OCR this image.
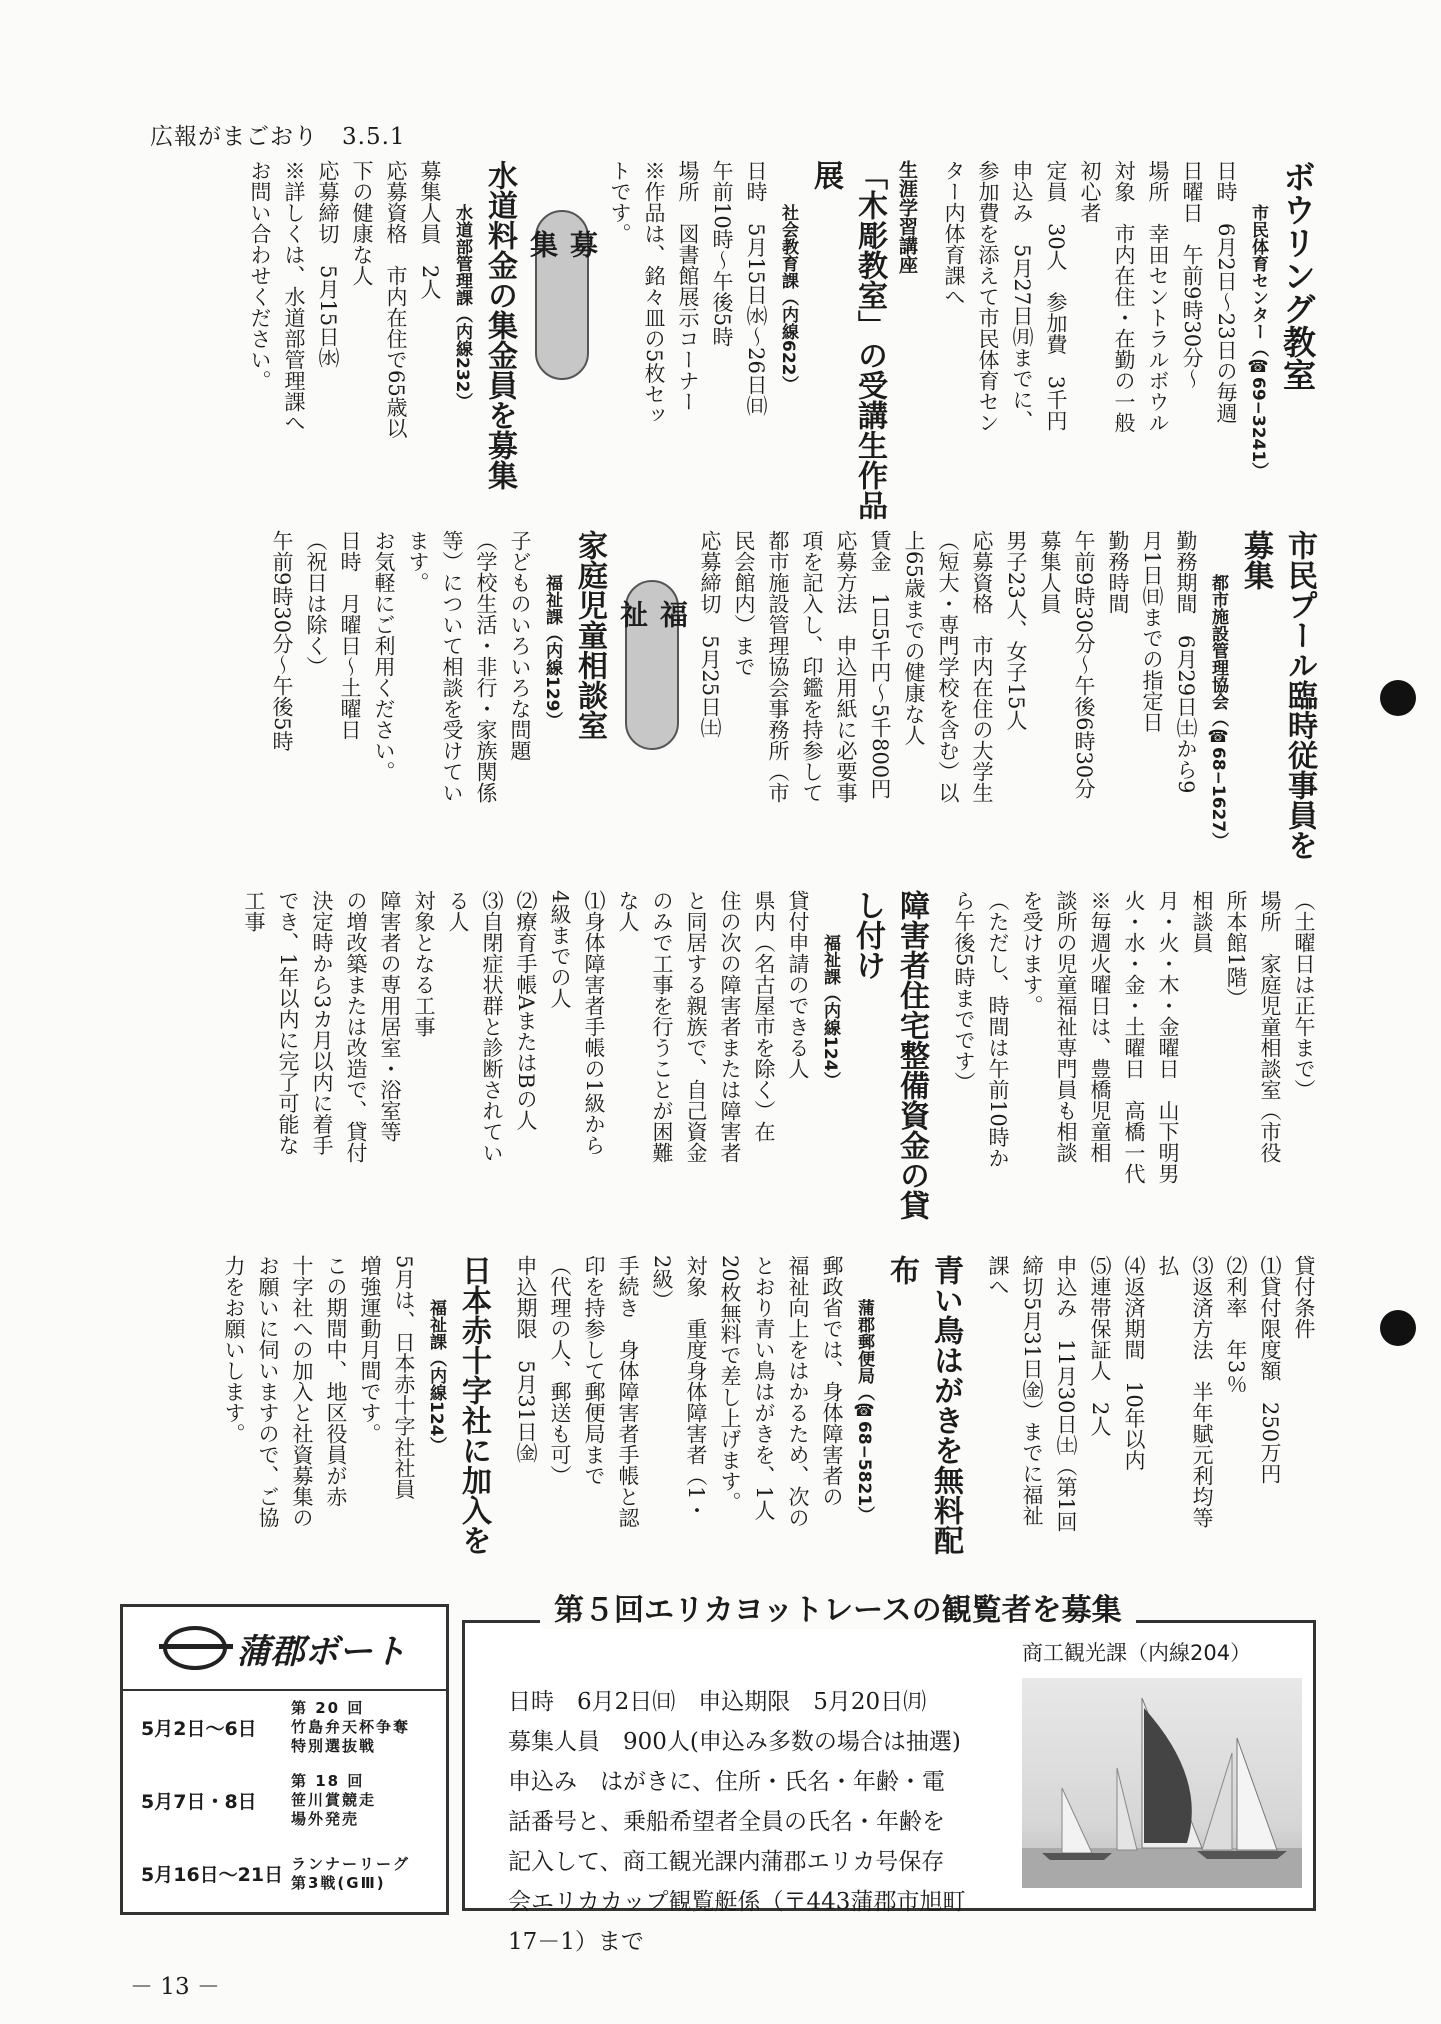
広報がまごおり　3.5.1
ボウリング教室
市民体育センター（☎69−3241）
日時　6月2日〜23日の毎週
日曜日　午前9時30分〜
場所　幸田セントラルボウル
対象　市内在住・在勤の一般
初心者
定員　30人　参加費　3千円
申込み　5月27日㈪までに、
参加費を添えて市民体育セン
ター内体育課へ
生涯学習講座
「木彫教室」の受講生作品展
社会教育課（内線622）
日時　5月15日㈬〜26日㈰
午前10時〜午後5時
場所　図書館展示コーナー
※作品は、銘々皿の5枚セッ
トです。
募　集
水道料金の集金員を募集
水道部管理課（内線232）
募集人員　2人
応募資格　市内在住で65歳以
下の健康な人
応募締切　5月15日㈬
※詳しくは、水道部管理課へ
お問い合わせください。
市民プール臨時従事員を募集
都市施設管理協会（☎68−1627）
勤務期間　6月29日㈯から9
月1日㈰までの指定日
勤務時間
午前9時30分〜午後6時30分
募集人員
男子23人、女子15人
応募資格　市内在住の大学生
（短大・専門学校を含む）以
上65歳までの健康な人
賃金　1日5千円〜5千800円
応募方法　申込用紙に必要事
項を記入し、印鑑を持参して
都市施設管理協会事務所（市
民会館内）まで
応募締切　5月25日㈯
福　祉
家庭児童相談室
福祉課（内線129）
子どものいろいろな問題
（学校生活・非行・家族関係
等）について相談を受けてい
ます。
お気軽にご利用ください。
日時　月曜日〜土曜日
（祝日は除く）
午前9時30分〜午後5時
（土曜日は正午まで）
場所　家庭児童相談室（市役
所本館1階）
相談員
月・火・木・金曜日　山下明男
火・水・金・土曜日　高橋一代
※毎週火曜日は、豊橋児童相
談所の児童福祉専門員も相談
を受けます。
（ただし、時間は午前10時か
ら午後5時までです）
障害者住宅整備資金の貸し付け
福祉課（内線124）
貸付申請のできる人
県内（名古屋市を除く）在
住の次の障害者または障害者
と同居する親族で、自己資金
のみで工事を行うことが困難
な人
⑴身体障害者手帳の1級から
4級までの人
⑵療育手帳AまたはBの人
⑶自閉症状群と診断されてい
る人
対象となる工事
障害者の専用居室・浴室等
の増改築または改造で、貸付
決定時から3カ月以内に着手
でき、1年以内に完了可能な
工事
貸付条件
⑴貸付限度額　250万円
⑵利率　年3％
⑶返済方法　半年賦元利均等
払
⑷返済期間　10年以内
⑸連帯保証人　2人
申込み　11月30日㈯（第1回
締切5月31日㈮）までに福祉
課へ
青い鳥はがきを無料配布
蒲郡郵便局（☎68−5821）
郵政省では、身体障害者の
福祉向上をはかるため、次の
とおり青い鳥はがきを、1人
20枚無料で差し上げます。
対象　重度身体障害者（1・
2級）
手続き　身体障害者手帳と認
印を持参して郵便局まで
（代理の人、郵送も可）
申込期限　5月31日㈮
日本赤十字社に加入を
福祉課（内線124）
5月は、日本赤十字社社員
増強運動月間です。
この期間中、地区役員が赤
十字社への加入と社資募集の
お願いに伺いますので、ご協
力をお願いします。
蒲郡ボート
5月2日〜6日
第 20 回
竹島弁天杯争奪
特別選抜戦
5月7日・8日
第 18 回
笹川賞競走
場外発売
5月16日〜21日
ランナーリーグ
第3戦(GⅢ)
第５回エリカヨットレースの観覧者を募集
商工観光課（内線204）
日時　6月2日㈰　申込期限　5月20日㈪
募集人員　900人(申込み多数の場合は抽選)
申込み　はがきに、住所・氏名・年齢・電
話番号と、乗船希望者全員の氏名・年齢を
記入して、商工観光課内蒲郡エリカ号保存
会エリカカップ観覧艇係（〒443蒲郡市旭町
17－1）まで
－ 13 －
